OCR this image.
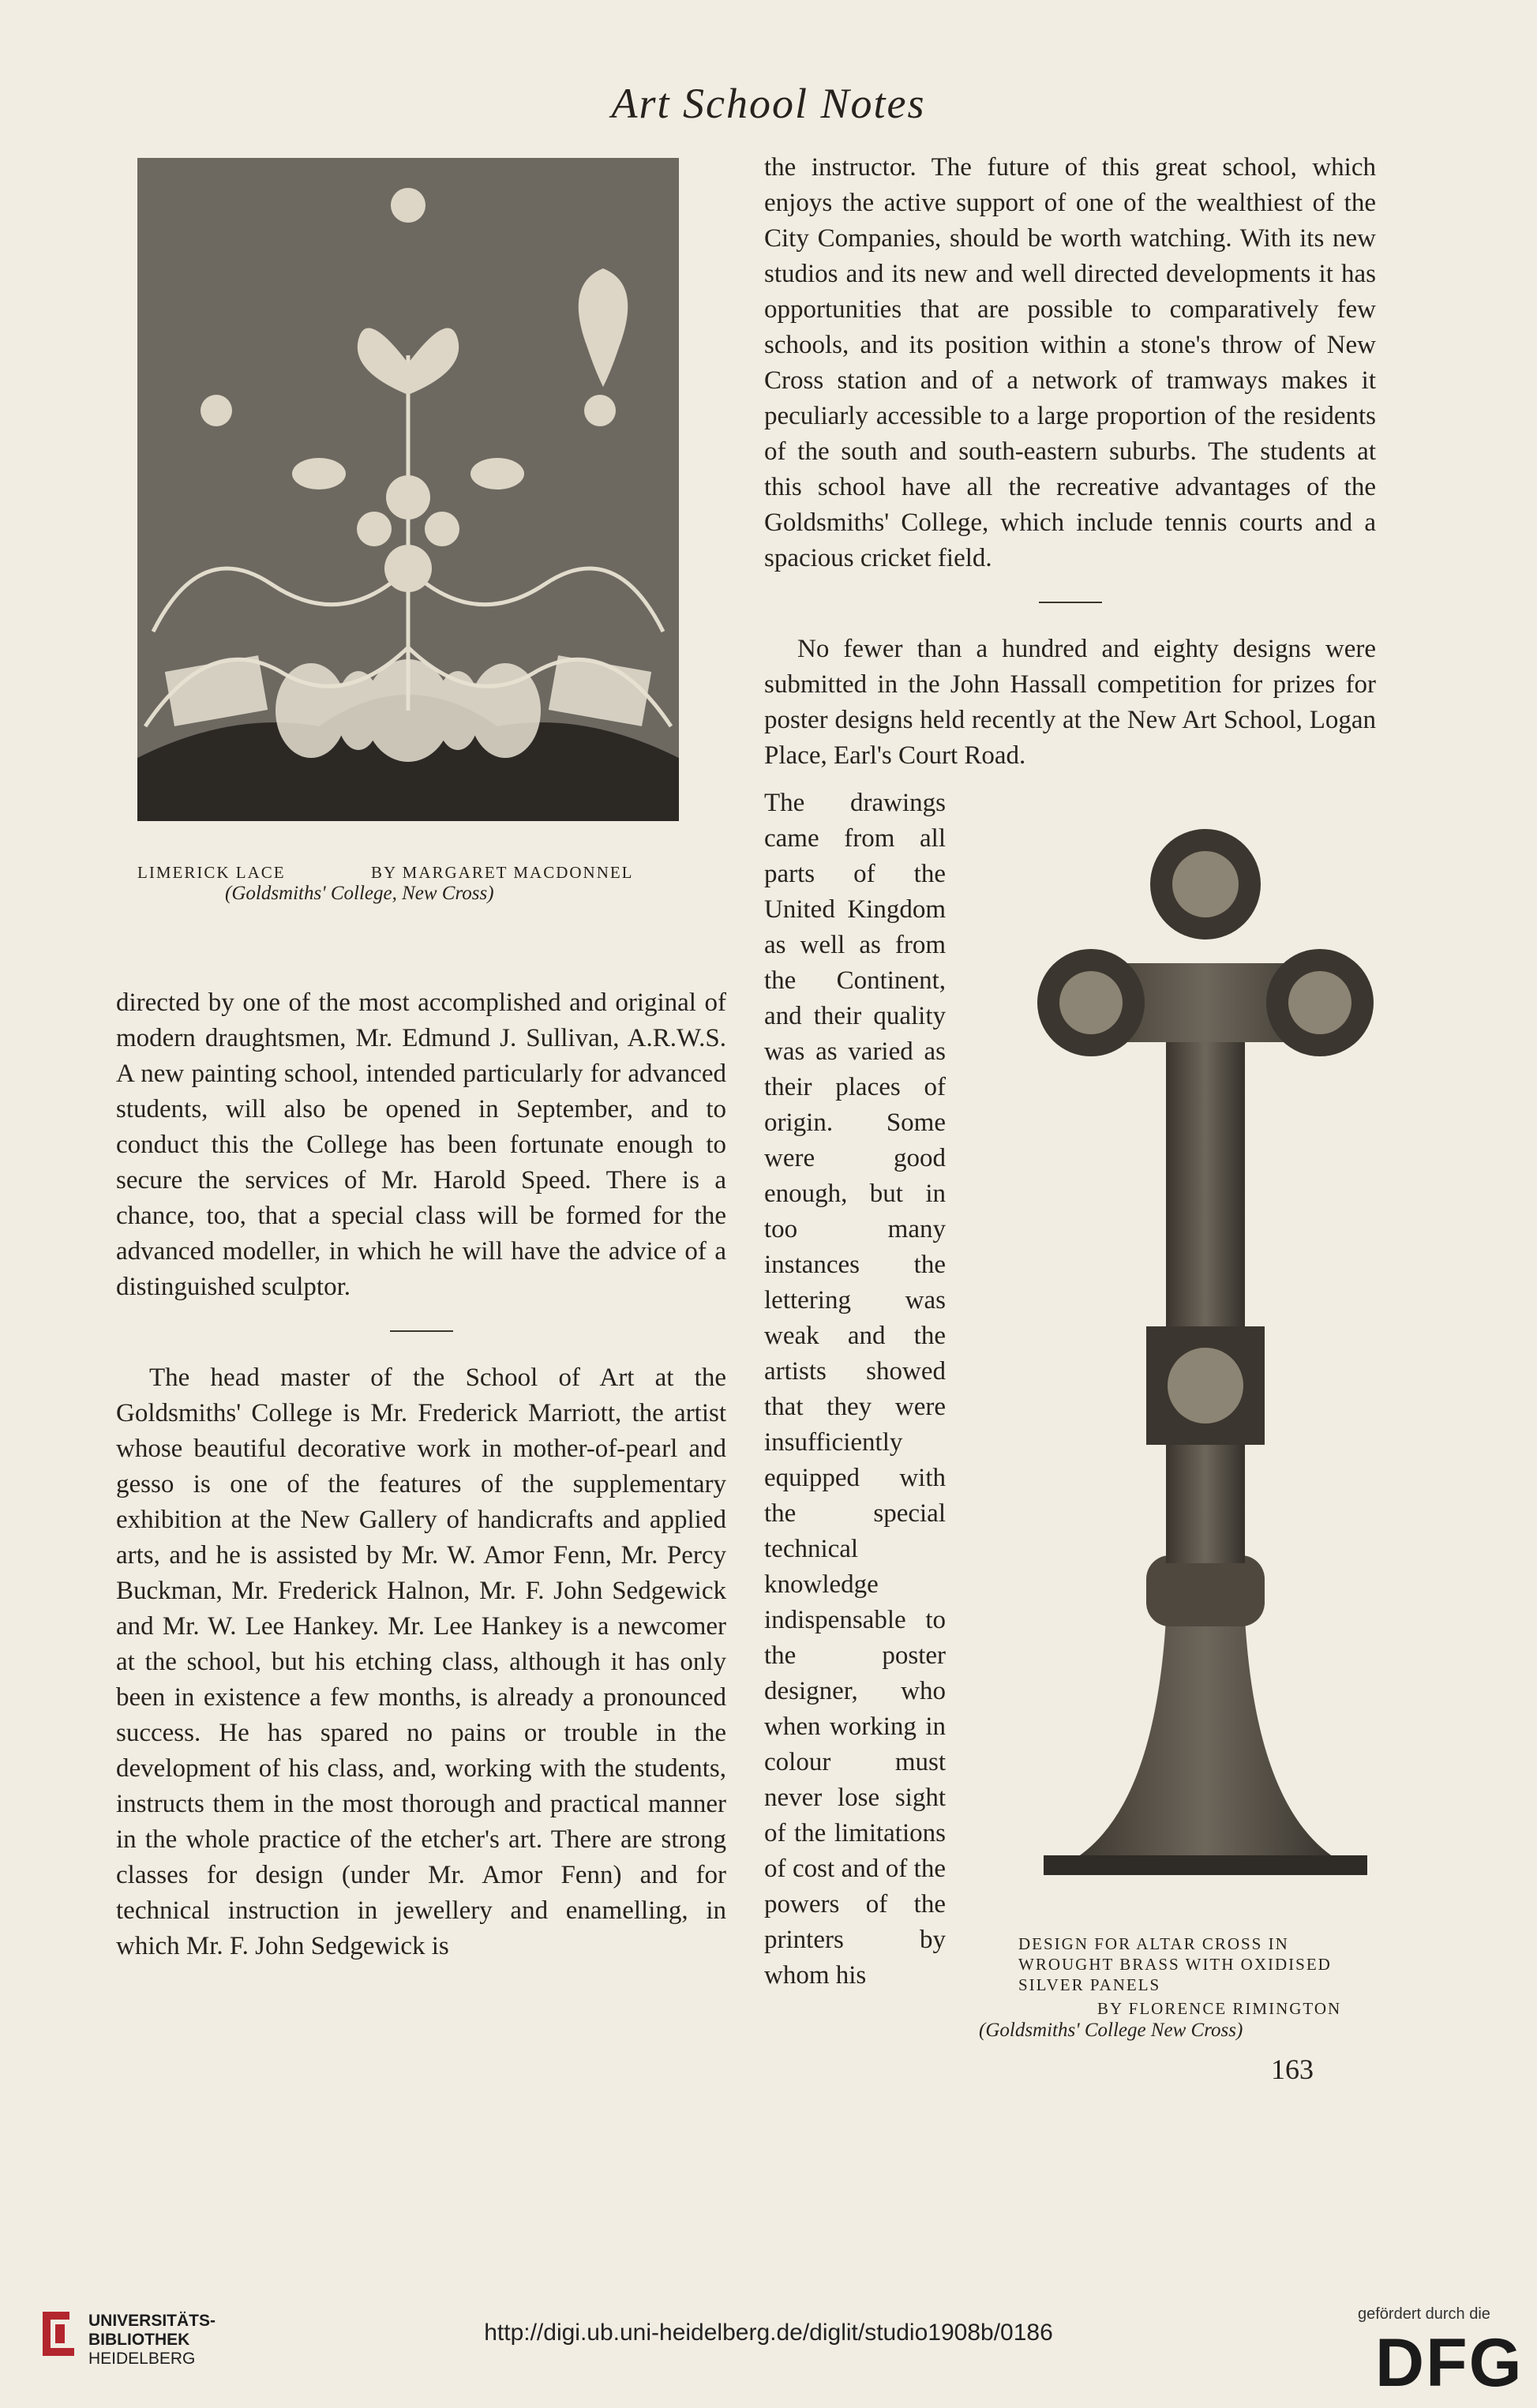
Art School Notes
LIMERICK LACE	BY MARGARET MACDONNEL
(Goldsmiths' College, New Cross)

directed by one of the most accomplished and original of modern draughtsmen, Mr. Edmund J. Sullivan, A.R.W.S. A new painting school, intended particularly for advanced students, will also be opened in September, and to conduct this the College has been fortunate enough to secure the services of Mr. Harold Speed. There is a chance, too, that a special class will be formed for the advanced modeller, in which he will have the advice of a distinguished sculptor.

The head master of the School of Art at the Goldsmiths' College is Mr. Frederick Marriott, the artist whose beautiful decorative work in mother-of-pearl and gesso is one of the features of the supplementary exhibition at the New Gallery of handicrafts and applied arts, and he is assisted by Mr. W. Amor Fenn, Mr. Percy Buckman, Mr. Frederick Halnon, Mr. F. John Sedgewick and Mr. W. Lee Hankey. Mr. Lee Hankey is a newcomer at the school, but his etching class, although it has only been in existence a few months, is already a pronounced success. He has spared no pains or trouble in the development of his class, and, working with the students, instructs them in the most thorough and practical manner in the whole practice of the etcher's art. There are strong classes for design (under Mr. Amor Fenn) and for technical instruction in jewellery and enamelling, in which Mr. F. John Sedgewick is

the instructor. The future of this great school, which enjoys the active support of one of the wealthiest of the City Companies, should be worth watching. With its new studios and its new and well directed developments it has opportunities that are possible to comparatively few schools, and its position within a stone's throw of New Cross station and of a network of tramways makes it peculiarly accessible to a large proportion of the residents of the south and south-eastern suburbs. The students at this school have all the recreative advantages of the Goldsmiths' College, which include tennis courts and a spacious cricket field.

No fewer than a hundred and eighty designs were submitted in the John Hassall competition for prizes for poster designs held recently at the New Art School, Logan Place, Earl's Court Road.

The drawings came from all parts of the United Kingdom as well as from the Continent, and their quality was as varied as their places of origin. Some were good enough, but in too many instances the lettering was weak and the artists showed that they were insufficiently equipped with the special technical knowledge indispensable to the poster designer, who when working in colour must never lose sight of the limitations of cost and of the powers of the printers by whom his

DESIGN FOR ALTAR CROSS IN
WROUGHT BRASS WITH OXIDISED
SILVER PANELS
BY FLORENCE RIMINGTON
(Goldsmiths' College New Cross)
163
UNIVERSITÄTS-
BIBLIOTHEK
HEIDELBERG
http://digi.ub.uni-heidelberg.de/diglit/studio1908b/0186
gefördert durch die
DFG
